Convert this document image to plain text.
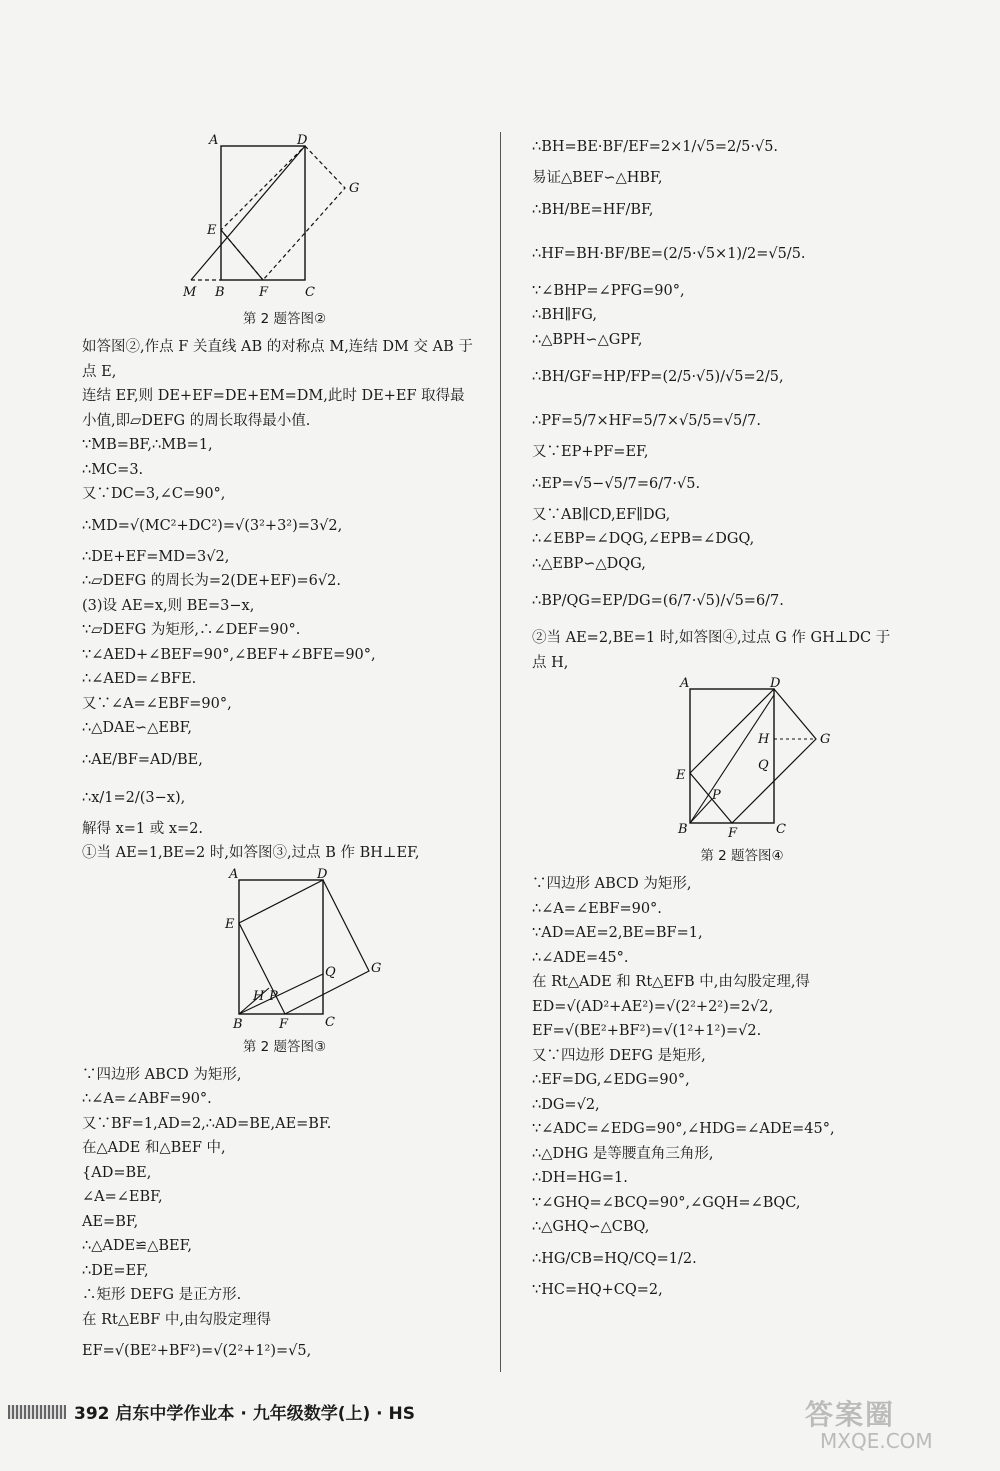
A	D
G
E
M B	F	C
第 2 题答图②
如答图②,作点 F 关直线 AB 的对称点 M,连结 DM 交 AB 于
点 E,
连结 EF,则 DE+EF=DE+EM=DM,此时 DE+EF 取得最
小值,即▱DEFG 的周长取得最小值.
∵MB=BF,∴MB=1,
∴MC=3.
又∵DC=3,∠C=90°,
∴MD=√(MC²+DC²)=√(3²+3²)=3√2,
∴DE+EF=MD=3√2,
∴▱DEFG 的周长为=2(DE+EF)=6√2.
(3)设 AE=x,则 BE=3−x,
∵▱DEFG 为矩形,∴∠DEF=90°.
∵∠AED+∠BEF=90°,∠BEF+∠BFE=90°,
∴∠AED=∠BFE.
又∵∠A=∠EBF=90°,
∴△DAE∽△EBF,
∴AE/BF=AD/BE,
∴x/1=2/(3−x),
解得 x=1 或 x=2.
①当 AE=1,BE=2 时,如答图③,过点 B 作 BH⊥EF,
A	D
E
Q	G
H P
B	F	C
第 2 题答图③
∵四边形 ABCD 为矩形,
∴∠A=∠ABF=90°.
又∵BF=1,AD=2,∴AD=BE,AE=BF.
在△ADE 和△BEF 中,
{AD=BE,
∠A=∠EBF,
AE=BF,
∴△ADE≌△BEF,
∴DE=EF,
∴矩形 DEFG 是正方形.
在 Rt△EBF 中,由勾股定理得
EF=√(BE²+BF²)=√(2²+1²)=√5,
∴BH=BE·BF/EF=2×1/√5=2/5·√5.
易证△BEF∽△HBF,
∴BH/BE=HF/BF,
∴HF=BH·BF/BE=(2/5·√5×1)/2=√5/5.
∵∠BHP=∠PFG=90°,
∴BH∥FG,
∴△BPH∽△GPF,
∴BH/GF=HP/FP=(2/5·√5)/√5=2/5,
∴PF=5/7×HF=5/7×√5/5=√5/7.
又∵EP+PF=EF,
∴EP=√5−√5/7=6/7·√5.
又∵AB∥CD,EF∥DG,
∴∠EBP=∠DQG,∠EPB=∠DGQ,
∴△EBP∽△DQG,
∴BP/QG=EP/DG=(6/7·√5)/√5=6/7.
②当 AE=2,BE=1 时,如答图④,过点 G 作 GH⊥DC 于
点 H,
A	D
H	G
Q
E
P
B	F	C
第 2 题答图④
∵四边形 ABCD 为矩形,
∴∠A=∠EBF=90°.
∵AD=AE=2,BE=BF=1,
∴∠ADE=45°.
在 Rt△ADE 和 Rt△EFB 中,由勾股定理,得
ED=√(AD²+AE²)=√(2²+2²)=2√2,
EF=√(BE²+BF²)=√(1²+1²)=√2.
又∵四边形 DEFG 是矩形,
∴EF=DG,∠EDG=90°,
∴DG=√2,
∵∠ADC=∠EDG=90°,∠HDG=∠ADE=45°,
∴△DHG 是等腰直角三角形,
∴DH=HG=1.
∵∠GHQ=∠BCQ=90°,∠GQH=∠BQC,
∴△GHQ∽△CBQ,
∴HG/CB=HQ/CQ=1/2.
∵HC=HQ+CQ=2,
392 启东中学作业本 · 九年级数学(上) · HS	答案圈
MXQE.COM
